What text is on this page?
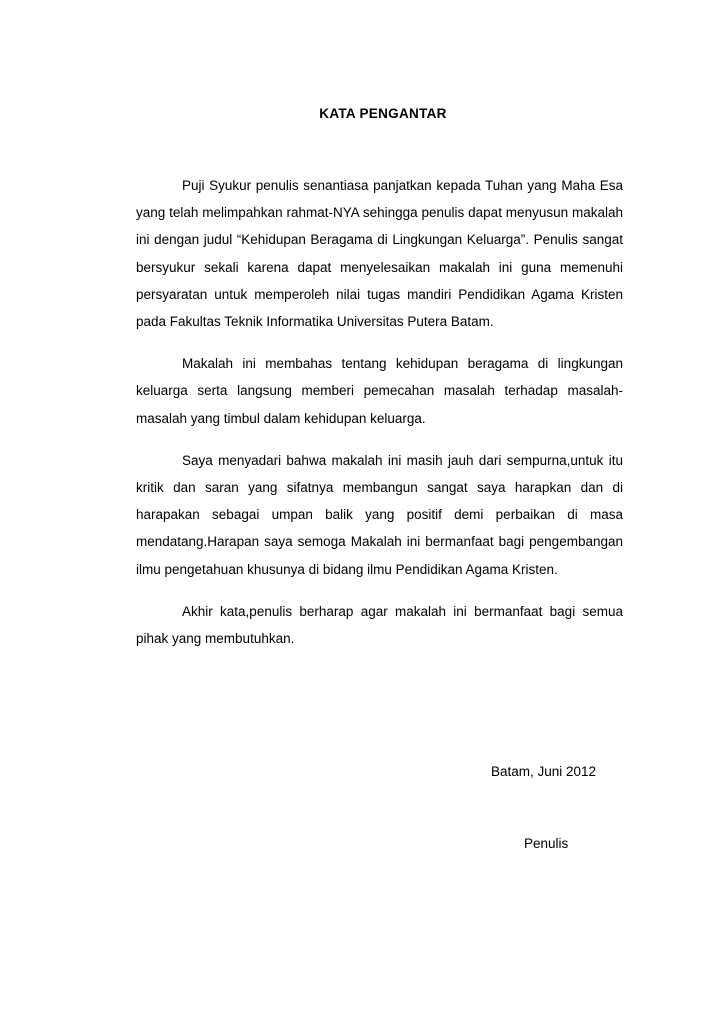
KATA PENGANTAR

Puji Syukur penulis senantiasa panjatkan kepada Tuhan yang Maha Esa yang telah melimpahkan rahmat-NYA sehingga penulis dapat menyusun makalah ini dengan judul “Kehidupan Beragama di Lingkungan Keluarga”. Penulis sangat bersyukur sekali karena dapat menyelesaikan makalah ini guna memenuhi persyaratan untuk memperoleh nilai tugas mandiri Pendidikan Agama Kristen pada Fakultas Teknik Informatika Universitas Putera Batam.

Makalah ini membahas tentang kehidupan beragama di lingkungan keluarga serta langsung memberi pemecahan masalah terhadap masalah-masalah yang timbul dalam kehidupan keluarga.

Saya menyadari bahwa makalah ini masih jauh dari sempurna,untuk itu kritik dan saran yang sifatnya membangun sangat saya harapkan dan di harapakan sebagai umpan balik yang positif demi perbaikan di masa mendatang.Harapan saya semoga Makalah ini bermanfaat bagi pengembangan ilmu pengetahuan khusunya di bidang ilmu Pendidikan Agama Kristen.

Akhir kata,penulis berharap agar makalah ini bermanfaat bagi semua pihak yang membutuhkan.

Batam, Juni 2012
Penulis
